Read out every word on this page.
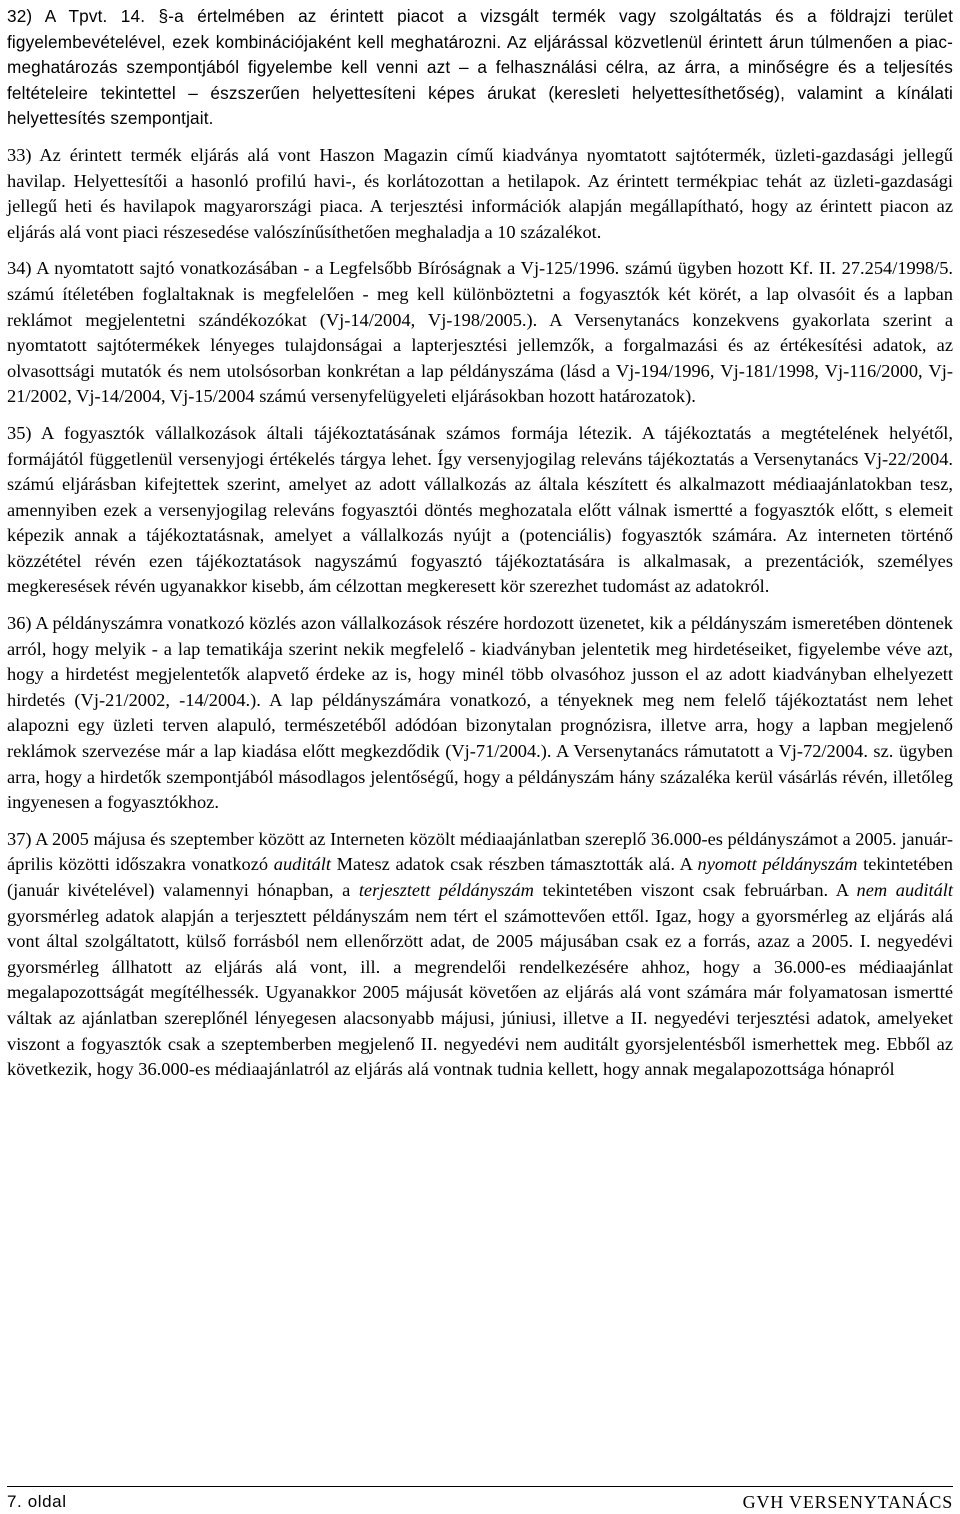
32) A Tpvt. 14. §-a értelmében az érintett piacot a vizsgált termék vagy szolgáltatás és a földrajzi terület figyelembevételével, ezek kombinációjaként kell meghatározni. Az eljárással közvetlenül érintett árun túlmenően a piac-meghatározás szempontjából figyelembe kell venni azt – a felhasználási célra, az árra, a minőségre és a teljesítés feltételeire tekintettel – észszerűen helyettesíteni képes árukat (keresleti helyettesíthetőség), valamint a kínálati helyettesítés szempontjait.

33) Az érintett termék eljárás alá vont Haszon Magazin című kiadványa nyomtatott sajtótermék, üzleti-gazdasági jellegű havilap. Helyettesítői a hasonló profilú havi-, és korlátozottan a hetilapok. Az érintett termékpiac tehát az üzleti-gazdasági jellegű heti és havilapok magyarországi piaca. A terjesztési információk alapján megállapítható, hogy az érintett piacon az eljárás alá vont piaci részesedése valószínűsíthetően meghaladja a 10 százalékot.

34) A nyomtatott sajtó vonatkozásában - a Legfelsőbb Bíróságnak a Vj-125/1996. számú ügyben hozott Kf. II. 27.254/1998/5. számú ítéletében foglaltaknak is megfelelően - meg kell különböztetni a fogyasztók két körét, a lap olvasóit és a lapban reklámot megjelentetni szándékozókat (Vj-14/2004, Vj-198/2005.). A Versenytanács konzekvens gyakorlata szerint a nyomtatott sajtótermékek lényeges tulajdonságai a lapterjesztési jellemzők, a forgalmazási és az értékesítési adatok, az olvasottsági mutatók és nem utolsósorban konkrétan a lap példányszáma (lásd a Vj-194/1996, Vj-181/1998, Vj-116/2000, Vj-21/2002, Vj-14/2004, Vj-15/2004 számú versenyfelügyeleti eljárásokban hozott határozatok).

35) A fogyasztók vállalkozások általi tájékoztatásának számos formája létezik. A tájékoztatás a megtételének helyétől, formájától függetlenül versenyjogi értékelés tárgya lehet. Így versenyjogilag releváns tájékoztatás a Versenytanács Vj-22/2004. számú eljárásban kifejtettek szerint, amelyet az adott vállalkozás az általa készített és alkalmazott médiaajánlatokban tesz, amennyiben ezek a versenyjogilag releváns fogyasztói döntés meghozatala előtt válnak ismertté a fogyasztók előtt, s elemeit képezik annak a tájékoztatásnak, amelyet a vállalkozás nyújt a (potenciális) fogyasztók számára. Az interneten történő közzététel révén ezen tájékoztatások nagyszámú fogyasztó tájékoztatására is alkalmasak, a prezentációk, személyes megkeresések révén ugyanakkor kisebb, ám célzottan megkeresett kör szerezhet tudomást az adatokról.

36) A példányszámra vonatkozó közlés azon vállalkozások részére hordozott üzenetet, kik a példányszám ismeretében döntenek arról, hogy melyik - a lap tematikája szerint nekik megfelelő - kiadványban jelentetik meg hirdetéseiket, figyelembe véve azt, hogy a hirdetést megjelentetők alapvető érdeke az is, hogy minél több olvasóhoz jusson el az adott kiadványban elhelyezett hirdetés (Vj-21/2002, -14/2004.). A lap példányszámára vonatkozó, a tényeknek meg nem felelő tájékoztatást nem lehet alapozni egy üzleti terven alapuló, természetéből adódóan bizonytalan prognózisra, illetve arra, hogy a lapban megjelenő reklámok szervezése már a lap kiadása előtt megkezdődik (Vj-71/2004.). A Versenytanács rámutatott a Vj-72/2004. sz. ügyben arra, hogy a hirdetők szempontjából másodlagos jelentőségű, hogy a példányszám hány százaléka kerül vásárlás révén, illetőleg ingyenesen a fogyasztókhoz.

37) A 2005 májusa és szeptember között az Interneten közölt médiaajánlatban szereplő 36.000-es példányszámot a 2005. január-április közötti időszakra vonatkozó auditált Matesz adatok csak részben támasztották alá. A nyomott példányszám tekintetében (január kivételével) valamennyi hónapban, a terjesztett példányszám tekintetében viszont csak februárban. A nem auditált gyorsmérleg adatok alapján a terjesztett példányszám nem tért el számottevően ettől. Igaz, hogy a gyorsmérleg az eljárás alá vont által szolgáltatott, külső forrásból nem ellenőrzött adat, de 2005 májusában csak ez a forrás, azaz a 2005. I. negyedévi gyorsmérleg állhatott az eljárás alá vont, ill. a megrendelői rendelkezésére ahhoz, hogy a 36.000-es médiaajánlat megalapozottságát megítélhessék. Ugyanakkor 2005 májusát követően az eljárás alá vont számára már folyamatosan ismertté váltak az ajánlatban szereplőnél lényegesen alacsonyabb májusi, júniusi, illetve a II. negyedévi terjesztési adatok, amelyeket viszont a fogyasztók csak a szeptemberben megjelenő II. negyedévi nem auditált gyorsjelentésből ismerhettek meg. Ebből az következik, hogy 36.000-es médiaajánlatról az eljárás alá vontnak tudnia kellett, hogy annak megalapozottsága hónapról

7. oldal	GVH VERSENYTANÁCS
